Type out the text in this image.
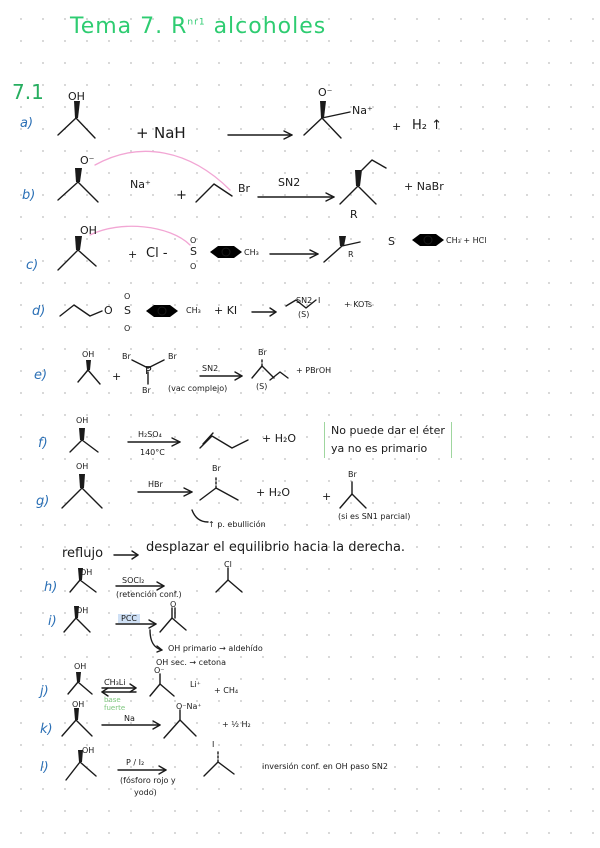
Tema 7. $R^{nr1}$ alcoholes
7.1
a)
OH
+ NaH
O⁻
Na⁺
+ H₂ ↑
b)
O⁻
Na⁺
+	Br	SN2
R
+ NaBr
c)
OH
+ Cl - S
O
O
CH₃	R
S	CH₃ + HCl
d)	O S
O
O
CH₃ + KI
I
SN2
(S)
+ KOTs
e)
OH
+
Br
P
Br
Br
SN2
(vac complejo)
Br
(S)
+ PBrOH
f)
OH
H₂SO₄
140°C
+ H₂O
No puede dar el éter
ya no es primario
g)
OH
HBr
Br
+ H₂O	+
Br
(si es SN1 parcial)
↑ p. ebullición
reflujo	desplazar el equilibrio hacia la derecha.
h)
OH
SOCl₂
(retención conf.)
Cl
i)
OH
PCC
O
OH primario → aldehído
OH sec. → cetona
j)
OH
CH₃Li
base fuerte
O⁻
Li⁺
+ CH₄
k)
OH
Na
O⁻Na⁺
+ ½ H₂
l)
OH
P / I₂
(fósforo rojo y
yodo)
I
inversión conf. en OH paso SN2
